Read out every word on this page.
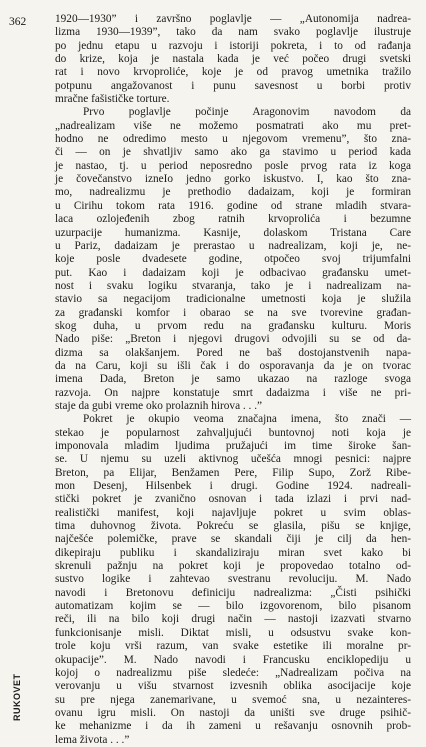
362
RUKOVET
1920—1930” i završno poglavlje — „Autonomija nadrea-
lizma 1930—1939”, tako da nam svako poglavlje ilustruje
po jednu etapu u razvoju i istoriji pokreta, i to od rađanja
do krize, koja je nastala kada je već počeo drugi svetski
rat i novo krvoproliće, koje je od pravog umetnika tražilo
potpunu angažovanost i punu savesnost u borbi protiv
mračne fašističke torture.
Prvo poglavlje počinje Aragonovim navodom da
„nadrealizam više ne možemo posmatrati ako mu pret-
hodno ne odredimo mesto u njegovom vremenu”, što zna-
či — on je shvatljiv samo ako ga stavimo u period kada
je nastao, tj. u period neposredno posle prvog rata iz koga
je čovečanstvo izneIo jedno gorko iskustvo. I, kao što zna-
mo, nadrealizmu je prethodio dadaizam, koji je formiran
u Cirihu tokom rata 1916. godine od strane mladih stvara-
laca ozlojeđenih zbog ratnih krvoprolića i bezumne
uzurpacije humanizma. Kasnije, dolaskom Tristana Care
u Pariz, dadaizam je prerastao u nadrealizam, koji je, ne-
koje posle dvadesete godine, otpočeo svoj trijumfalni
put. Kao i dadaizam koji je odbacivao građansku umet-
nost i svaku logiku stvaranja, tako je i nadrealizam na-
stavio sa negacijom tradicionalne umetnosti koja je služila
za građanski komfor i obarao se na sve tvorevine građan-
skog duha, u prvom redu na građansku kulturu. Moris
Nado piše: „Breton i njegovi drugovi odvojili su se od da-
dizma sa olakšanjem. Pored ne baš dostojanstvenih napa-
da na Caru, koji su išli čak i do osporavanja da je on tvorac
imena Dada, Breton je samo ukazao na razloge svoga
razvoja. On najpre konstatuje smrt dadaizma i više ne pri-
staje da gubi vreme oko prolaznih hirova . . .”
Pokret je okupio veoma značajna imena, što znači —
stekao je popularnost zahvaljujući buntovnoj noti koja je
imponovala mladim ljudima pružajući im time široke šan-
se. U njemu su uzeli aktivnog učešća mnogi pesnici: najpre
Breton, pa Elijar, Benžamen Pere, Filip Supo, Zorž Ribe-
mon Desenj, Hilsenbek i drugi. Godine 1924. nadreali-
stički pokret je zvanično osnovan i tada izlazi i prvi nad-
realistički manifest, koji najavljuje pokret u svim oblas-
tima duhovnog života. Pokreću se glasila, pišu se knjige,
najčešće polemičke, prave se skandali čiji je cilj da hen-
dikepiraju publiku i skandaliziraju miran svet kako bi
skrenuli pažnju na pokret koji je propovedao totalno od-
sustvo logike i zahtevao svestranu revoluciju. M. Nado
navodi i Bretonovu definiciju nadrealizma: „Čisti psihički
automatizam kojim se — bilo izgovorenom, bilo pisanom
reči, ili na bilo koji drugi način — nastoji izazvati stvarno
funkcionisanje misli. Diktat misli, u odsustvu svake kon-
trole koju vrši razum, van svake estetike ili moralne pr-
okupacije”. M. Nado navodi i Francusku enciklopediju u
kojoj o nadrealizmu piše sledeće: „Nadrealizam počiva na
verovanju u višu stvarnost izvesnih oblika asocijacije koje
su pre njega zanemarivane, u svemoć sna, u nezainteres-
ovanu igru misli. On nastoji da uništi sve druge psihič-
ke mehanizme i da ih zameni u rešavanju osnovnih prob-
lema života . . .”
